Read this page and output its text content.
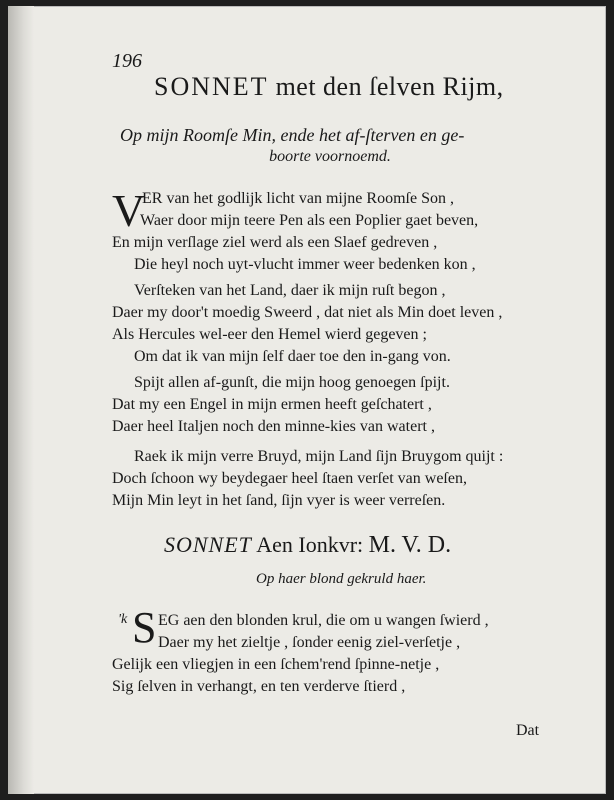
196
SONNET met den ſelven Rijm,
Op mijn Roomſe Min, ende het af-ſterven en ge-
boorte voornoemd.
V
ER van het godlijk licht van mijne Roomſe Son ,
Waer door mijn teere Pen als een Poplier gaet beven,
En mijn verſlage ziel werd als een Slaef gedreven ,
Die heyl noch uyt-vlucht immer weer bedenken kon ,
Verſteken van het Land, daer ik mijn ruſt begon ,
Daer my door't moedig Sweerd , dat niet als Min doet leven ,
Als Hercules wel-eer den Hemel wierd gegeven ;
Om dat ik van mijn ſelf daer toe den in-gang von.
Spijt allen af-gunſt, die mijn hoog genoegen ſpijt.
Dat my een Engel in mijn ermen heeft geſchatert ,
Daer heel Italjen noch den minne-kies van watert ,
Raek ik mijn verre Bruyd, mijn Land ſijn Bruygom quijt :
Doch ſchoon wy beydegaer heel ſtaen verſet van weſen,
Mijn Min leyt in het ſand, ſijn vyer is weer verreſen.
SONNET Aen Ionkvr: M. V. D.
Op haer blond gekruld haer.
'k S EG aen den blonden krul, die om u wangen ſwierd ,
Daer my het zieltje , ſonder eenig ziel-verſetje ,
Gelijk een vliegjen in een ſchem'rend ſpinne-netje ,
Sig ſelven in verhangt, en ten verderve ſtierd ,
Dat
